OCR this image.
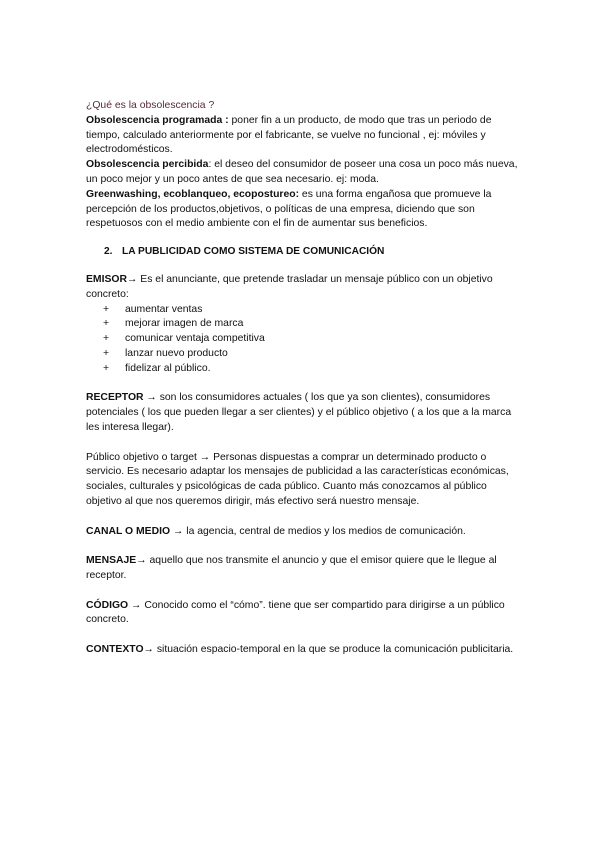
¿Qué es la obsolescencia ?

Obsolescencia programada : poner fin a un producto, de modo que tras un periodo de tiempo, calculado anteriormente por el fabricante, se vuelve no funcional , ej: móviles y electrodomésticos.

Obsolescencia percibida: el deseo del consumidor de poseer una cosa un poco más nueva, un poco mejor y un poco antes de que sea necesario. ej: moda.

Greenwashing, ecoblanqueo, ecopostureo: es una forma engañosa que promueve la percepción de los productos,objetivos, o políticas de una empresa, diciendo que son respetuosos con el medio ambiente con el fin de aumentar sus beneficios.

2. LA PUBLICIDAD COMO SISTEMA DE COMUNICACIÓN

EMISOR→ Es el anunciante, que pretende trasladar un mensaje público con un objetivo concreto:

+ aumentar ventas
+ mejorar imagen de marca
+ comunicar ventaja competitiva
+ lanzar nuevo producto
+ fidelizar al público.

RECEPTOR → son los consumidores actuales ( los que ya son clientes), consumidores potenciales ( los que pueden llegar a ser clientes) y el público objetivo ( a los que a la marca les interesa llegar).

Público objetivo o target → Personas dispuestas a comprar un determinado producto o servicio. Es necesario adaptar los mensajes de publicidad a las características económicas, sociales, culturales y psicológicas de cada público. Cuanto más conozcamos al público objetivo al que nos queremos dirigir, más efectivo será nuestro mensaje.

CANAL O MEDIO → la agencia, central de medios y los medios de comunicación.

MENSAJE→ aquello que nos transmite el anuncio y que el emisor quiere que le llegue al receptor.

CÓDIGO → Conocido como el “cómo”. tiene que ser compartido para dirigirse a un público concreto.

CONTEXTO→ situación espacio-temporal en la que se produce la comunicación publicitaria.
